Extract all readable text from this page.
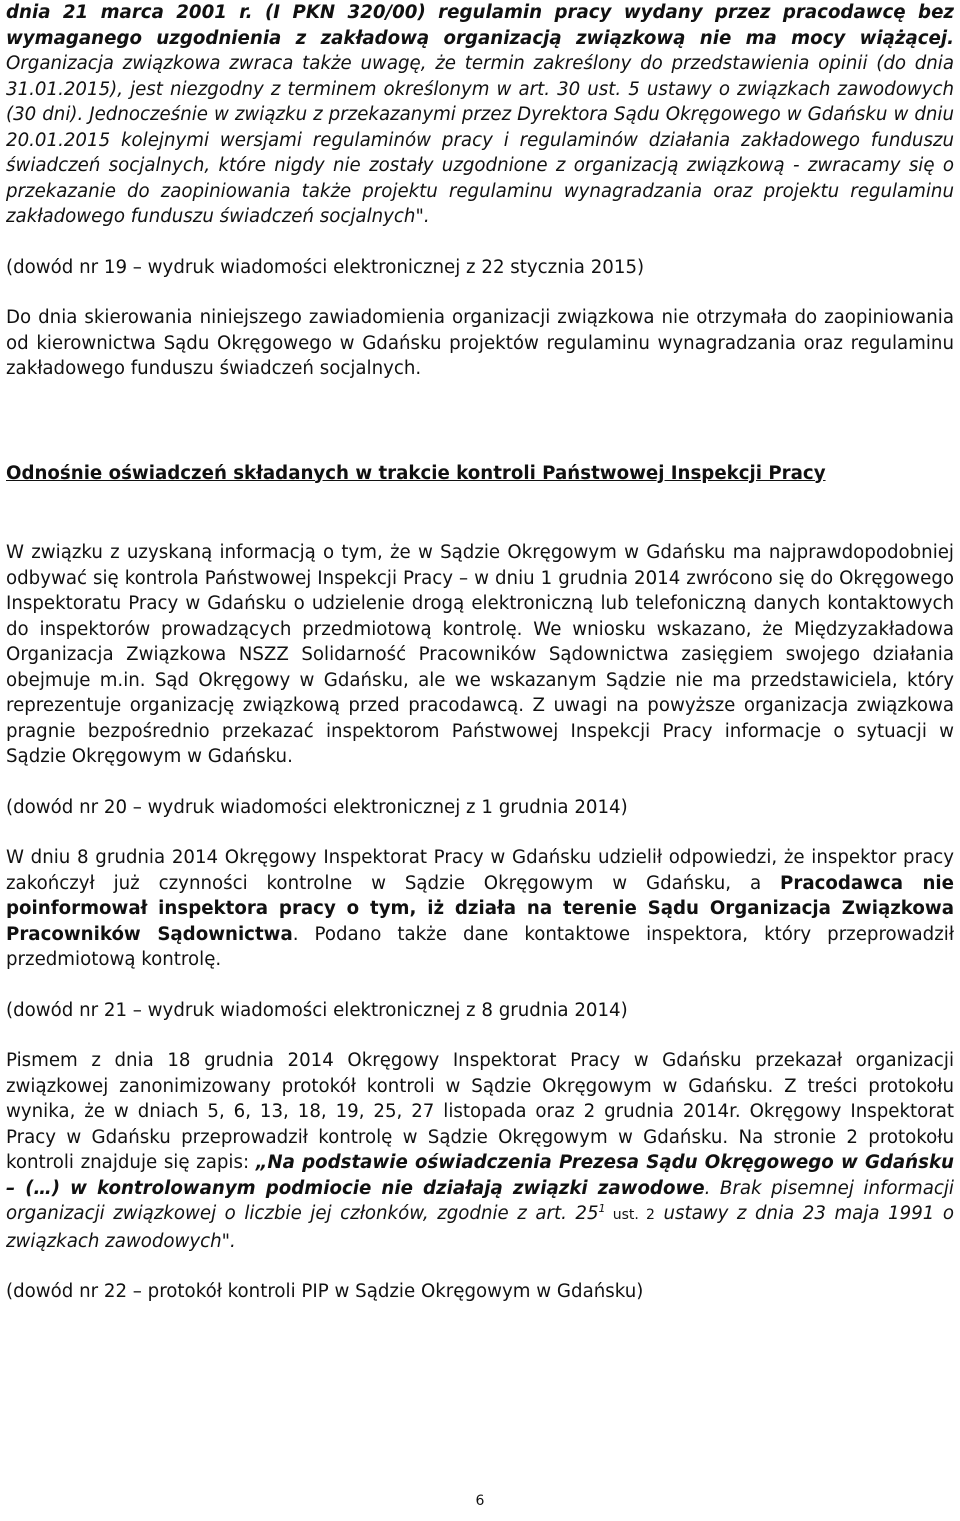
dnia 21 marca 2001 r. (I PKN 320/00) regulamin pracy wydany przez pracodawcę bez wymaganego uzgodnienia z zakładową organizacją związkową nie ma mocy wiążącej. Organizacja związkowa zwraca także uwagę, że termin zakreślony do przedstawienia opinii (do dnia 31.01.2015), jest niezgodny z terminem określonym w art. 30 ust. 5 ustawy o związkach zawodowych (30 dni). Jednocześnie w związku z przekazanymi przez Dyrektora Sądu Okręgowego w Gdańsku w dniu 20.01.2015 kolejnymi wersjami regulaminów pracy i regulaminów działania zakładowego funduszu świadczeń socjalnych, które nigdy nie zostały uzgodnione z organizacją związkową - zwracamy się o przekazanie do zaopiniowania także projektu regulaminu wynagradzania oraz projektu regulaminu zakładowego funduszu świadczeń socjalnych".

(dowód nr 19 – wydruk wiadomości elektronicznej z 22 stycznia 2015)

Do dnia skierowania niniejszego zawiadomienia organizacji związkowa nie otrzymała do zaopiniowania od kierownictwa Sądu Okręgowego w Gdańsku projektów regulaminu wynagradzania oraz regulaminu zakładowego funduszu świadczeń socjalnych.

Odnośnie oświadczeń składanych w trakcie kontroli Państwowej Inspekcji Pracy

W związku z uzyskaną informacją o tym, że w Sądzie Okręgowym w Gdańsku ma najprawdopodobniej odbywać się kontrola Państwowej Inspekcji Pracy – w dniu 1 grudnia 2014 zwrócono się do Okręgowego Inspektoratu Pracy w Gdańsku o udzielenie drogą elektroniczną lub telefoniczną danych kontaktowych do inspektorów prowadzących przedmiotową kontrolę. We wniosku wskazano, że Międzyzakładowa Organizacja Związkowa NSZZ Solidarność Pracowników Sądownictwa zasięgiem swojego działania obejmuje m.in. Sąd Okręgowy w Gdańsku, ale we wskazanym Sądzie nie ma przedstawiciela, który reprezentuje organizację związkową przed pracodawcą. Z uwagi na powyższe organizacja związkowa pragnie bezpośrednio przekazać inspektorom Państwowej Inspekcji Pracy informacje o sytuacji w Sądzie Okręgowym w Gdańsku.

(dowód nr 20 – wydruk wiadomości elektronicznej z 1 grudnia 2014)

W dniu 8 grudnia 2014 Okręgowy Inspektorat Pracy w Gdańsku udzielił odpowiedzi, że inspektor pracy zakończył już czynności kontrolne w Sądzie Okręgowym w Gdańsku, a Pracodawca nie poinformował inspektora pracy o tym, iż działa na terenie Sądu Organizacja Związkowa Pracowników Sądownictwa. Podano także dane kontaktowe inspektora, który przeprowadził przedmiotową kontrolę.

(dowód nr 21 – wydruk wiadomości elektronicznej z 8 grudnia 2014)

Pismem z dnia 18 grudnia 2014 Okręgowy Inspektorat Pracy w Gdańsku przekazał organizacji związkowej zanonimizowany protokół kontroli w Sądzie Okręgowym w Gdańsku. Z treści protokołu wynika, że w dniach 5, 6, 13, 18, 19, 25, 27 listopada oraz 2 grudnia 2014r. Okręgowy Inspektorat Pracy w Gdańsku przeprowadził kontrolę w Sądzie Okręgowym w Gdańsku. Na stronie 2 protokołu kontroli znajduje się zapis: „Na podstawie oświadczenia Prezesa Sądu Okręgowego w Gdańsku – (…) w kontrolowanym podmiocie nie działają związki zawodowe. Brak pisemnej informacji organizacji związkowej o liczbie jej członków, zgodnie z art. $25^1$ ust. 2 ustawy z dnia 23 maja 1991 o związkach zawodowych".

(dowód nr 22 – protokół kontroli PIP w Sądzie Okręgowym w Gdańsku)

6
